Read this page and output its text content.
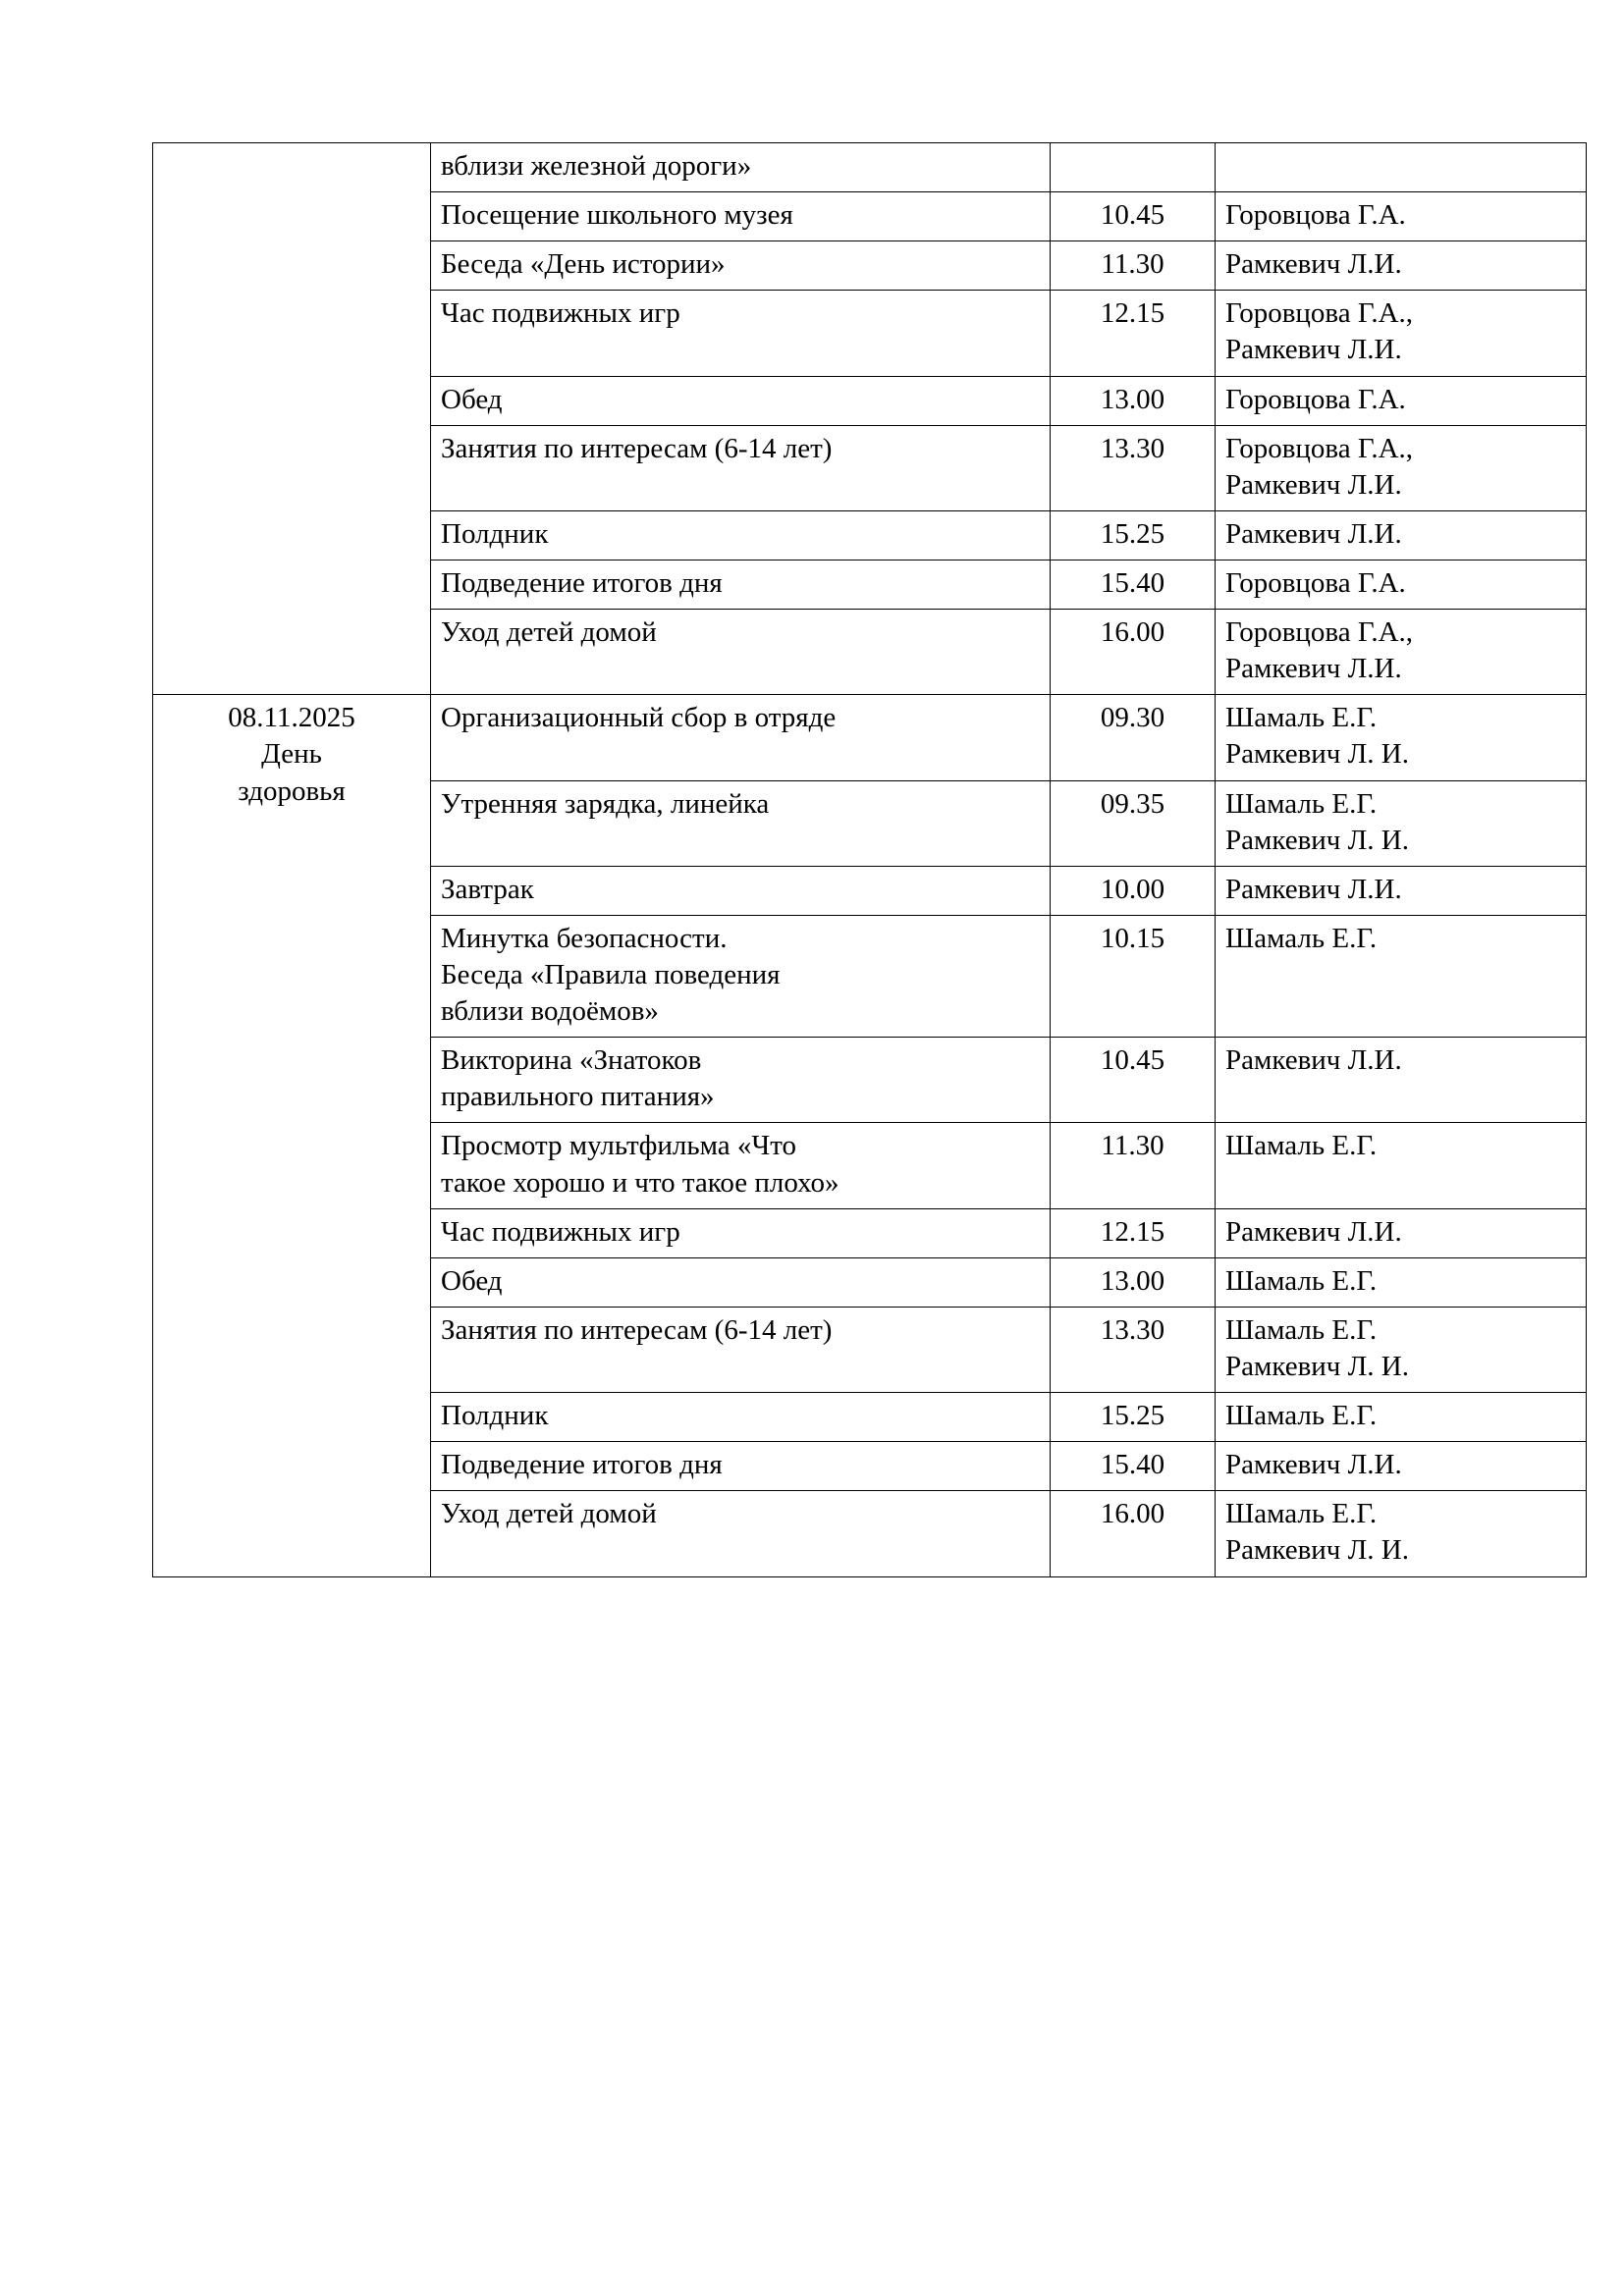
	вблизи железной дороги»		

	Посещение школьного музея	10.45	Горовцова Г.А.

	Беседа «День истории»	11.30	Рамкевич Л.И.

	Час подвижных игр	12.15	Горовцова Г.А.,
Рамкевич Л.И.

	Обед	13.00	Горовцова Г.А.

	Занятия по интересам (6-14 лет)	13.30	Горовцова Г.А.,
Рамкевич Л.И.

	Полдник	15.25	Рамкевич Л.И.

	Подведение итогов дня	15.40	Горовцова Г.А.

	Уход детей домой	16.00	Горовцова Г.А.,
Рамкевич Л.И.

08.11.2025
День
здоровья	Организационный сбор в отряде	09.30	Шамаль Е.Г.
Рамкевич Л. И.

	Утренняя зарядка, линейка	09.35	Шамаль Е.Г.
Рамкевич Л. И.

	Завтрак	10.00	Рамкевич Л.И.

	Минутка безопасности.
Беседа «Правила поведения
вблизи водоёмов»	10.15	Шамаль Е.Г.

	Викторина «Знатоков
правильного питания»	10.45	Рамкевич Л.И.

	Просмотр мультфильма «Что
такое хорошо и что такое плохо»	11.30	Шамаль Е.Г.

	Час подвижных игр	12.15	Рамкевич Л.И.

	Обед	13.00	Шамаль Е.Г.

	Занятия по интересам (6-14 лет)	13.30	Шамаль Е.Г.
Рамкевич Л. И.

	Полдник	15.25	Шамаль Е.Г.

	Подведение итогов дня	15.40	Рамкевич Л.И.

	Уход детей домой	16.00	Шамаль Е.Г.
Рамкевич Л. И.
